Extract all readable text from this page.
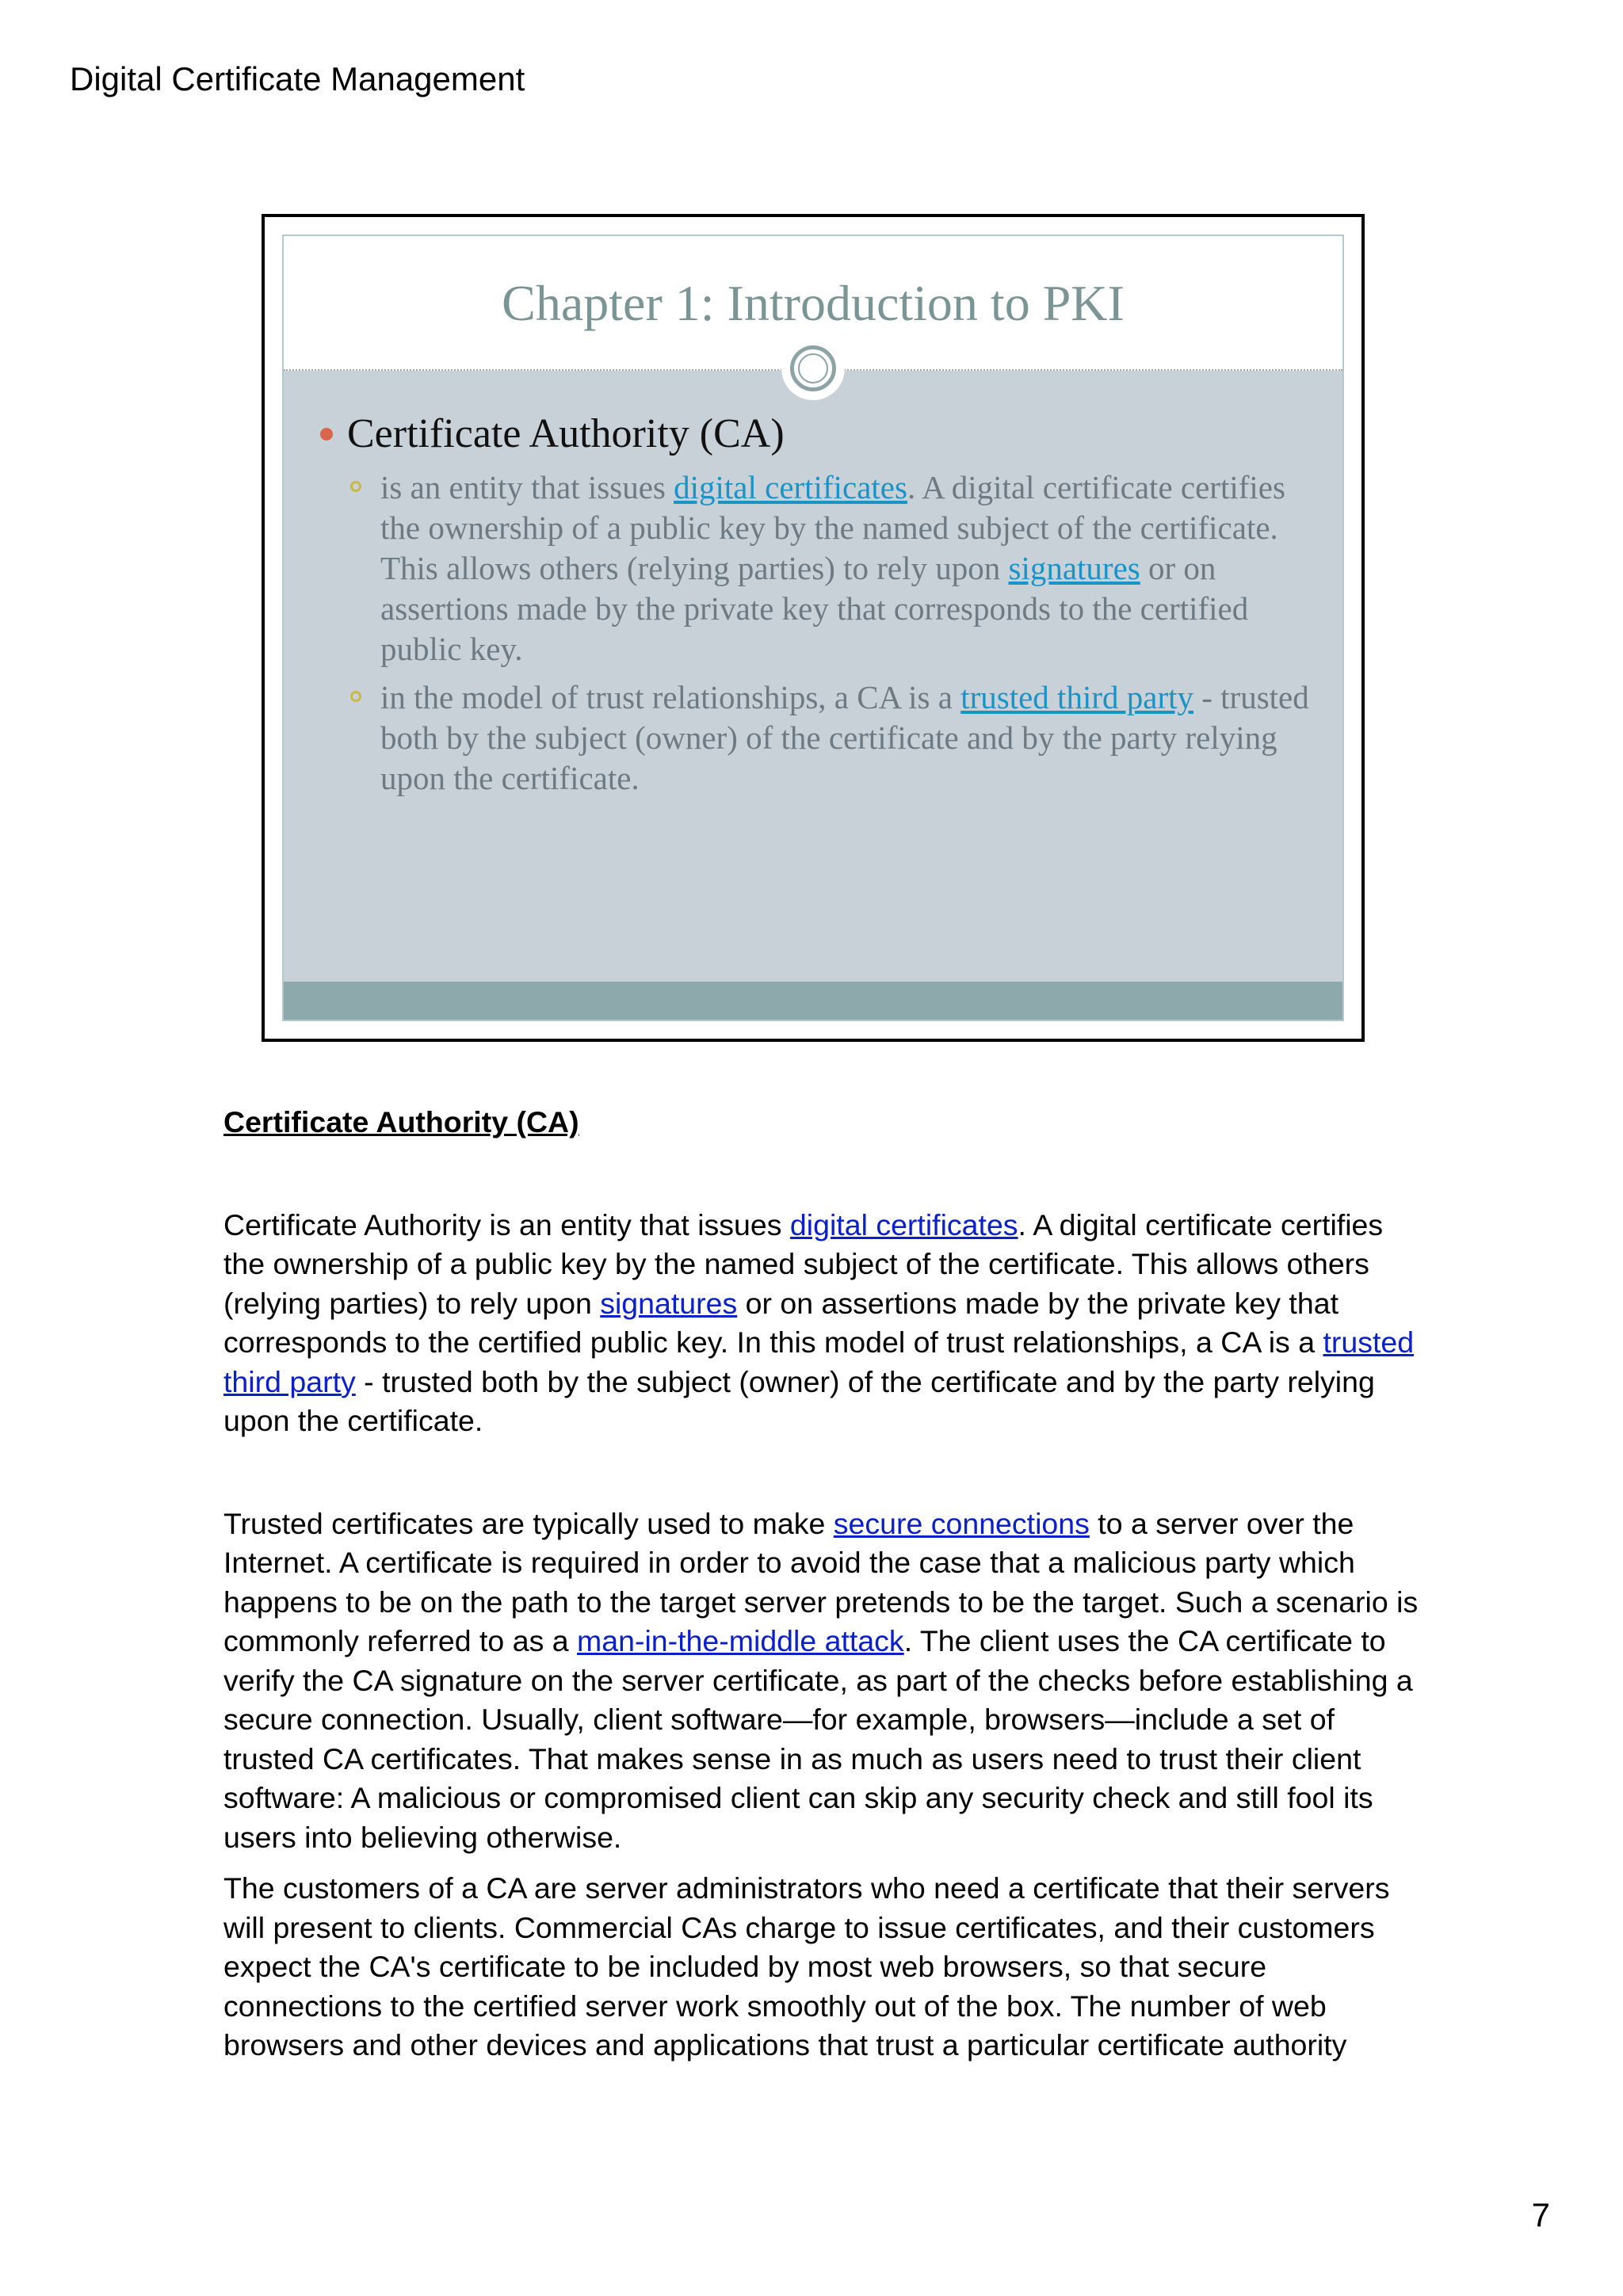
Digital Certificate Management
Chapter 1: Introduction to PKI
Certificate Authority (CA)
is an entity that issues digital certificates. A digital certificate certifies the ownership of a public key by the named subject of the certificate. This allows others (relying parties) to rely upon signatures or on assertions made by the private key that corresponds to the certified public key.
in the model of trust relationships, a CA is a trusted third party - trusted both by the subject (owner) of the certificate and by the party relying upon the certificate.

Certificate Authority (CA)

Certificate Authority is an entity that issues digital certificates. A digital certificate certifies the ownership of a public key by the named subject of the certificate. This allows others (relying parties) to rely upon signatures or on assertions made by the private key that corresponds to the certified public key. In this model of trust relationships, a CA is a trusted third party - trusted both by the subject (owner) of the certificate and by the party relying upon the certificate.

Trusted certificates are typically used to make secure connections to a server over the Internet. A certificate is required in order to avoid the case that a malicious party which happens to be on the path to the target server pretends to be the target. Such a scenario is commonly referred to as a man-in-the-middle attack. The client uses the CA certificate to verify the CA signature on the server certificate, as part of the checks before establishing a secure connection. Usually, client software—for example, browsers—include a set of trusted CA certificates. That makes sense in as much as users need to trust their client software: A malicious or compromised client can skip any security check and still fool its users into believing otherwise.

The customers of a CA are server administrators who need a certificate that their servers will present to clients. Commercial CAs charge to issue certificates, and their customers expect the CA's certificate to be included by most web browsers, so that secure connections to the certified server work smoothly out of the box. The number of web browsers and other devices and applications that trust a particular certificate authority

7
